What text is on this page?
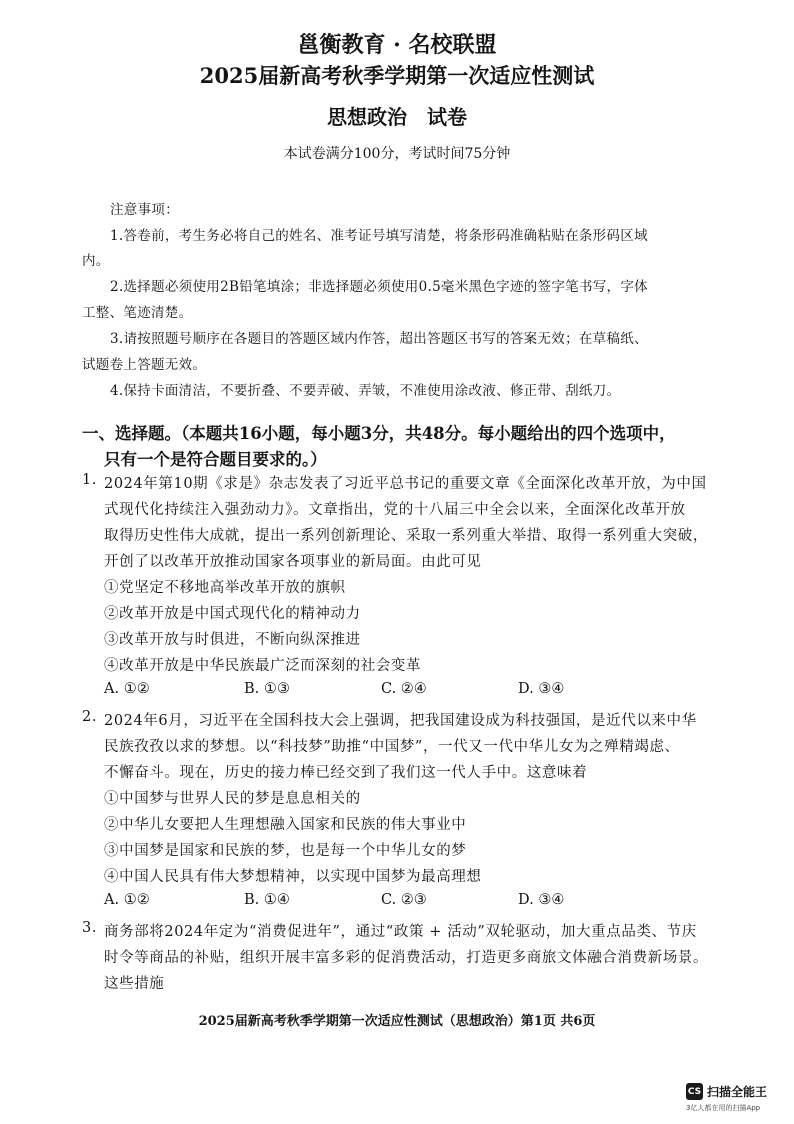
邕衡教育 · 名校联盟
2025届新高考秋季学期第一次适应性测试
思想政治　试卷
本试卷满分100分，考试时间75分钟
注意事项：
1.答卷前，考生务必将自己的姓名、准考证号填写清楚，将条形码准确粘贴在条形码区域
内。
2.选择题必须使用2B铅笔填涂；非选择题必须使用0.5毫米黑色字迹的签字笔书写，字体
工整、笔迹清楚。
3.请按照题号顺序在各题目的答题区域内作答，超出答题区书写的答案无效；在草稿纸、
试题卷上答题无效。
4.保持卡面清洁，不要折叠、不要弄破、弄皱，不准使用涂改液、修正带、刮纸刀。
一、选择题。（本题共16小题，每小题3分，共48分。每小题给出的四个选项中，
只有一个是符合题目要求的。）
1. 2024年第10期《求是》杂志发表了习近平总书记的重要文章《全面深化改革开放，为中国
式现代化持续注入强劲动力》。文章指出，党的十八届三中全会以来，全面深化改革开放
取得历史性伟大成就，提出一系列创新理论、采取一系列重大举措、取得一系列重大突破，
开创了以改革开放推动国家各项事业的新局面。由此可见
①党坚定不移地高举改革开放的旗帜
②改革开放是中国式现代化的精神动力
③改革开放与时俱进，不断向纵深推进
④改革开放是中华民族最广泛而深刻的社会变革
A. ①②	B. ①③	C. ②④	D. ③④
2. 2024年6月，习近平在全国科技大会上强调，把我国建设成为科技强国，是近代以来中华
民族孜孜以求的梦想。以“科技梦”助推“中国梦”，一代又一代中华儿女为之殚精竭虑、
不懈奋斗。现在，历史的接力棒已经交到了我们这一代人手中。这意味着
①中国梦与世界人民的梦是息息相关的
②中华儿女要把人生理想融入国家和民族的伟大事业中
③中国梦是国家和民族的梦，也是每一个中华儿女的梦
④中国人民具有伟大梦想精神，以实现中国梦为最高理想
A. ①②	B. ①④	C. ②③	D. ③④
3. 商务部将2024年定为“消费促进年”，通过“政策 + 活动”双轮驱动，加大重点品类、节庆
时令等商品的补贴，组织开展丰富多彩的促消费活动，打造更多商旅文体融合消费新场景。
这些措施
2025届新高考秋季学期第一次适应性测试（思想政治）第1页 共6页
CS 扫描全能王
3亿人都在用的扫描App
